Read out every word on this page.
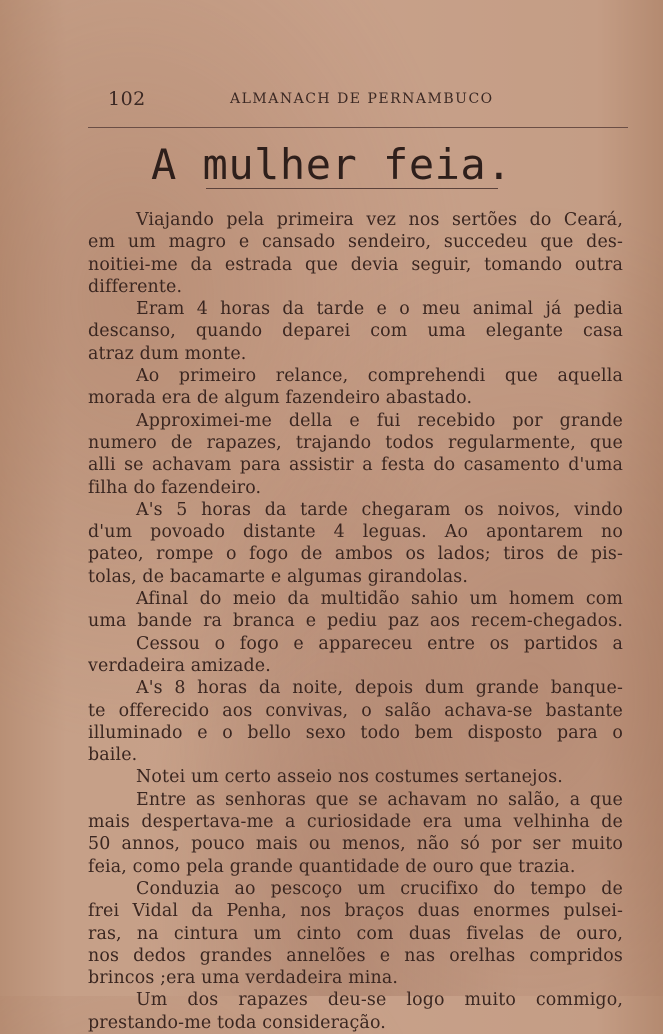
102	ALMANACH DE PERNAMBUCO
A mulher feia.
Viajando pela primeira vez nos sertões do Ceará,
em um magro e cansado sendeiro, succedeu que des-
noitiei-me da estrada que devia seguir, tomando outra
differente.
Eram 4 horas da tarde e o meu animal já pedia
descanso, quando deparei com uma elegante casa
atraz dum monte.
Ao primeiro relance, comprehendi que aquella
morada era de algum fazendeiro abastado.
Approximei-me della e fui recebido por grande
numero de rapazes, trajando todos regularmente, que
alli se achavam para assistir a festa do casamento d'uma
filha do fazendeiro.
A's 5 horas da tarde chegaram os noivos, vindo
d'um povoado distante 4 leguas. Ao apontarem no
pateo, rompe o fogo de ambos os lados; tiros de pis-
tolas, de bacamarte e algumas girandolas.
Afinal do meio da multidão sahio um homem com
uma bande ra branca e pediu paz aos recem-chegados.
Cessou o fogo e appareceu entre os partidos a
verdadeira amizade.
A's 8 horas da noite, depois dum grande banque-
te offerecido aos convivas, o salão achava-se bastante
illuminado e o bello sexo todo bem disposto para o
baile.
Notei um certo asseio nos costumes sertanejos.
Entre as senhoras que se achavam no salão, a que
mais despertava-me a curiosidade era uma velhinha de
50 annos, pouco mais ou menos, não só por ser muito
feia, como pela grande quantidade de ouro que trazia.
Conduzia ao pescoço um crucifixo do tempo de
frei Vidal da Penha, nos braços duas enormes pulsei-
ras, na cintura um cinto com duas fivelas de ouro,
nos dedos grandes annelões e nas orelhas compridos
brincos ;era uma verdadeira mina.
Um dos rapazes deu-se logo muito commigo,
prestando-me toda consideração.
